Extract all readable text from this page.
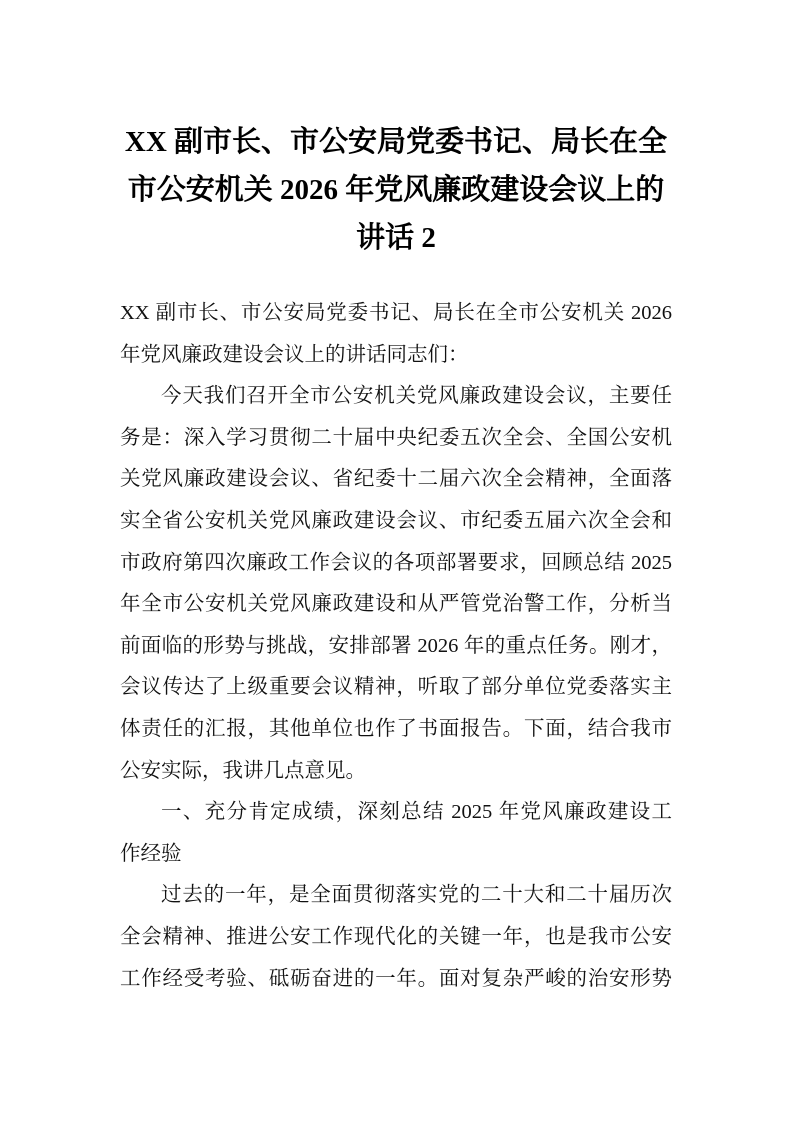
XX 副市长、市公安局党委书记、局长在全
市公安机关 2026 年党风廉政建设会议上的
讲话 2
XX 副市长、市公安局党委书记、局长在全市公安机关 2026
年党风廉政建设会议上的讲话同志们：
今天我们召开全市公安机关党风廉政建设会议，主要任
务是：深入学习贯彻二十届中央纪委五次全会、全国公安机
关党风廉政建设会议、省纪委十二届六次全会精神，全面落
实全省公安机关党风廉政建设会议、市纪委五届六次全会和
市政府第四次廉政工作会议的各项部署要求，回顾总结 2025
年全市公安机关党风廉政建设和从严管党治警工作，分析当
前面临的形势与挑战，安排部署 2026 年的重点任务。刚才，
会议传达了上级重要会议精神，听取了部分单位党委落实主
体责任的汇报，其他单位也作了书面报告。下面，结合我市
公安实际，我讲几点意见。
一、充分肯定成绩，深刻总结 2025 年党风廉政建设工
作经验
过去的一年，是全面贯彻落实党的二十大和二十届历次
全会精神、推进公安工作现代化的关键一年，也是我市公安
工作经受考验、砥砺奋进的一年。面对复杂严峻的治安形势
